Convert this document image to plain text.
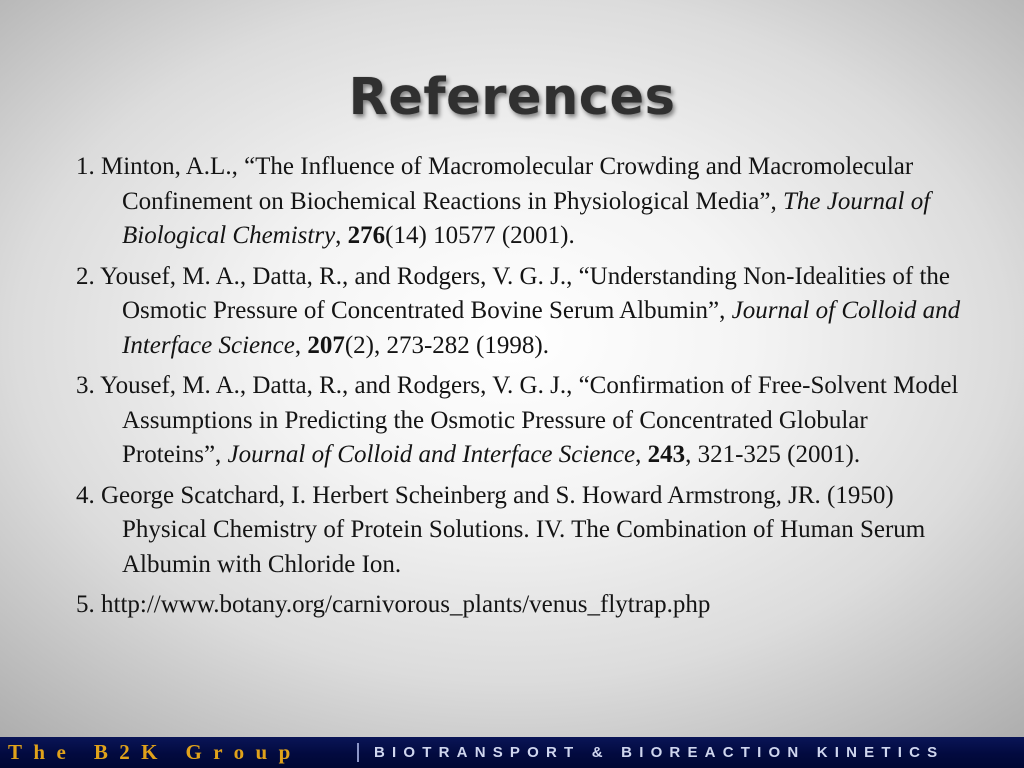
References
1. Minton, A.L., “The Influence of Macromolecular Crowding and Macromolecular Confinement on Biochemical Reactions in Physiological Media”, The Journal of Biological Chemistry, 276(14) 10577 (2001).
2. Yousef, M. A., Datta, R., and Rodgers, V. G. J., “Understanding Non-Idealities of the Osmotic Pressure of Concentrated Bovine Serum Albumin”, Journal of Colloid and Interface Science, 207(2), 273-282 (1998).
3. Yousef, M. A., Datta, R., and Rodgers, V. G. J., “Confirmation of Free-Solvent Model Assumptions in Predicting the Osmotic Pressure of Concentrated Globular Proteins”, Journal of Colloid and Interface Science, 243, 321-325 (2001).
4. George Scatchard, I. Herbert Scheinberg and S. Howard Armstrong, JR. (1950) Physical Chemistry of Protein Solutions. IV. The Combination of Human Serum Albumin with Chloride Ion.
5. http://www.botany.org/carnivorous_plants/venus_flytrap.php
The B2K Group	BIOTRANSPORT & BIOREACTION KINETICS
